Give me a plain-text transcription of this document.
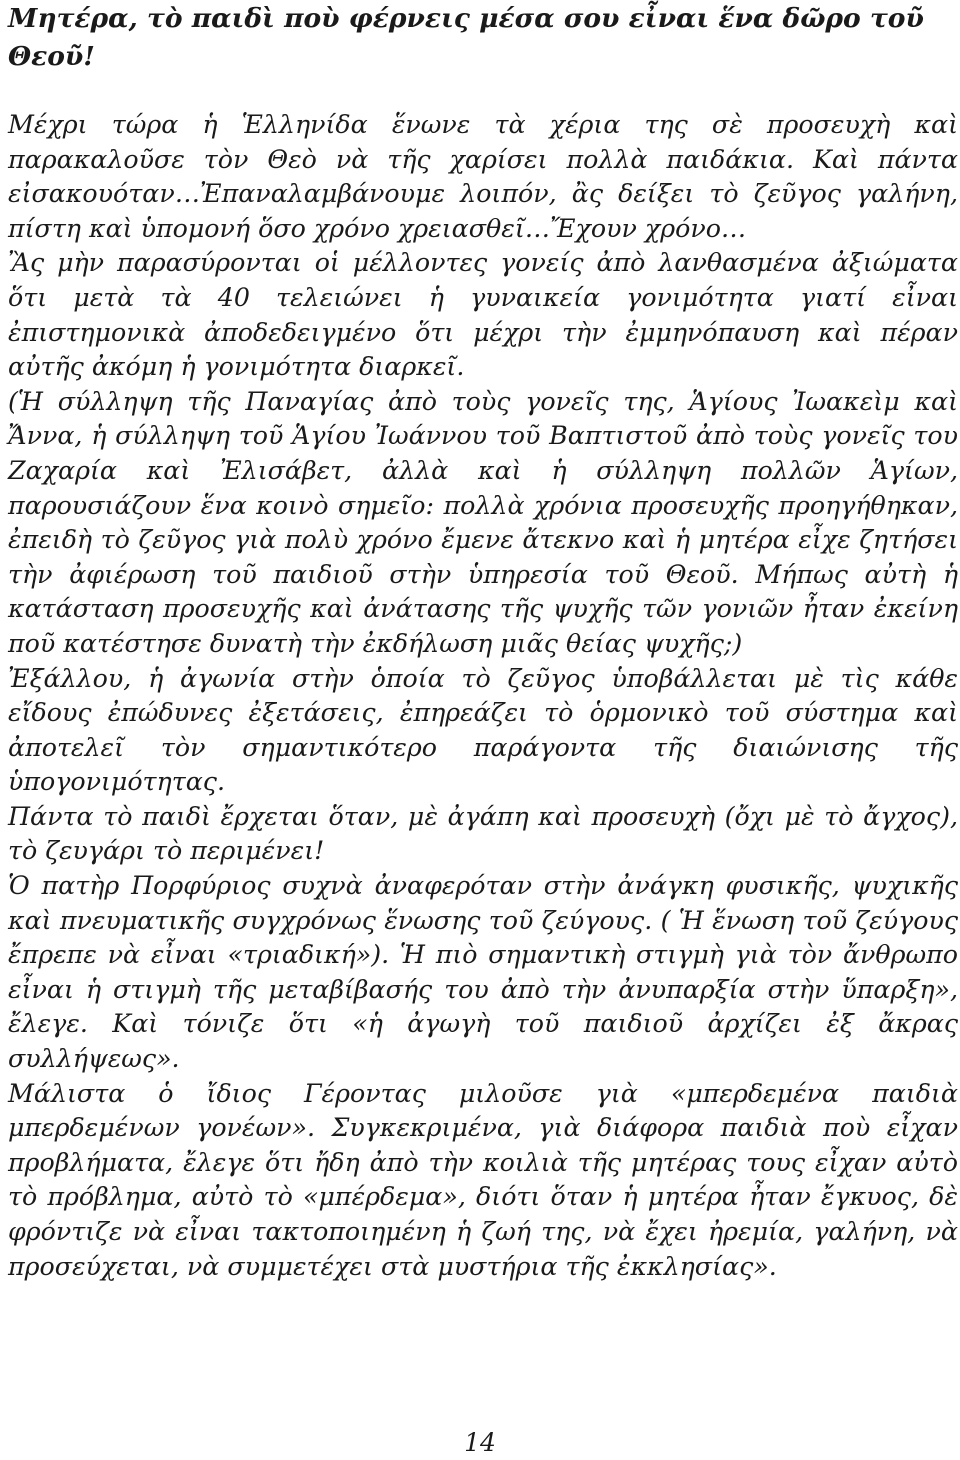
Μητέρα, τὸ παιδὶ ποὺ φέρνεις μέσα σου εἶναι ἕνα δῶρο τοῦ Θεοῦ!

Μέχρι τώρα ἡ Ἑλληνίδα ἕνωνε τὰ χέρια της σὲ προσευχὴ καὶ παρακαλοῦσε τὸν Θεὸ νὰ τῆς χαρίσει πολλὰ παιδάκια. Καὶ πάντα εἰσακουόταν…Ἐπαναλαμβάνουμε λοιπόν, ἂς δείξει τὸ ζεῦγος γαλήνη, πίστη καὶ ὑπομονή ὅσο χρόνο χρειασθεῖ…Ἔχουν χρόνο…

Ἂς μὴν παρασύρονται οἱ μέλλοντες γονείς ἀπὸ λανθασμένα ἀξιώματα ὅτι μετὰ τὰ 40 τελειώνει ἡ γυναικεία γονιμότητα γιατί εἶναι ἐπιστημονικὰ ἀποδεδειγμένο ὅτι μέχρι τὴν ἐμμηνόπαυση καὶ πέραν αὐτῆς ἀκόμη ἡ γονιμότητα διαρκεῖ.

(Ἡ σύλληψη τῆς Παναγίας ἀπὸ τοὺς γονεῖς της, Ἁγίους Ἰωακεὶμ καὶ Ἄννα, ἡ σύλληψη τοῦ Ἁγίου Ἰωάννου τοῦ Βαπτιστοῦ ἀπὸ τοὺς γονεῖς του Ζαχαρία καὶ Ἐλισάβετ, ἀλλὰ καὶ ἡ σύλληψη πολλῶν Ἁγίων, παρουσιάζουν ἕνα κοινὸ σημεῖο: πολλὰ χρόνια προσευχῆς προηγήθηκαν, ἐπειδὴ τὸ ζεῦγος γιὰ πολὺ χρόνο ἔμενε ἄτεκνο καὶ ἡ μητέρα εἶχε ζητήσει τὴν ἀφιέρωση τοῦ παιδιοῦ στὴν ὑπηρεσία τοῦ Θεοῦ. Μήπως αὐτὴ ἡ κατάσταση προσευχῆς καὶ ἀνάτασης τῆς ψυχῆς τῶν γονιῶν ἦταν ἐκείνη ποῦ κατέστησε δυνατὴ τὴν ἐκδήλωση μιᾶς θείας ψυχῆς;)

Ἐξάλλου, ἡ ἀγωνία στὴν ὁποία τὸ ζεῦγος ὑποβάλλεται μὲ τὶς κάθε εἴδους ἐπώδυνες ἐξετάσεις, ἐπηρεάζει τὸ ὁρμονικὸ τοῦ σύστημα καὶ ἀποτελεῖ τὸν σημαντικότερο παράγοντα τῆς διαιώνισης τῆς ὑπογονιμότητας.

Πάντα τὸ παιδὶ ἔρχεται ὅταν, μὲ ἀγάπη καὶ προσευχὴ (ὄχι μὲ τὸ ἄγχος), τὸ ζευγάρι τὸ περιμένει!

Ὁ πατὴρ Πορφύριος συχνὰ ἀναφερόταν στὴν ἀνάγκη φυσικῆς, ψυχικῆς καὶ πνευματικῆς συγχρόνως ἕνωσης τοῦ ζεύγους. ( Ἡ ἕνωση τοῦ ζεύγους ἔπρεπε νὰ εἶναι «τριαδική»). Ἡ πιὸ σημαντικὴ στιγμὴ γιὰ τὸν ἄνθρωπο εἶναι ἡ στιγμὴ τῆς μεταβίβασής του ἀπὸ τὴν ἀνυπαρξία στὴν ὕπαρξη», ἔλεγε. Καὶ τόνιζε ὅτι «ἡ ἀγωγὴ τοῦ παιδιοῦ ἀρχίζει ἐξ ἄκρας συλλήψεως».

Μάλιστα ὁ ἴδιος Γέροντας μιλοῦσε γιὰ «μπερδεμένα παιδιὰ μπερδεμένων γονέων». Συγκεκριμένα, γιὰ διάφορα παιδιὰ ποὺ εἶχαν προβλήματα, ἔλεγε ὅτι ἤδη ἀπὸ τὴν κοιλιὰ τῆς μητέρας τους εἶχαν αὐτὸ τὸ πρόβλημα, αὐτὸ τὸ «μπέρδεμα», διότι ὅταν ἡ μητέρα ἦταν ἔγκυος, δὲ φρόντιζε νὰ εἶναι τακτοποιημένη ἡ ζωή της, νὰ ἔχει ἠρεμία, γαλήνη, νὰ προσεύχεται, νὰ συμμετέχει στὰ μυστήρια τῆς ἐκκλησίας».

14
